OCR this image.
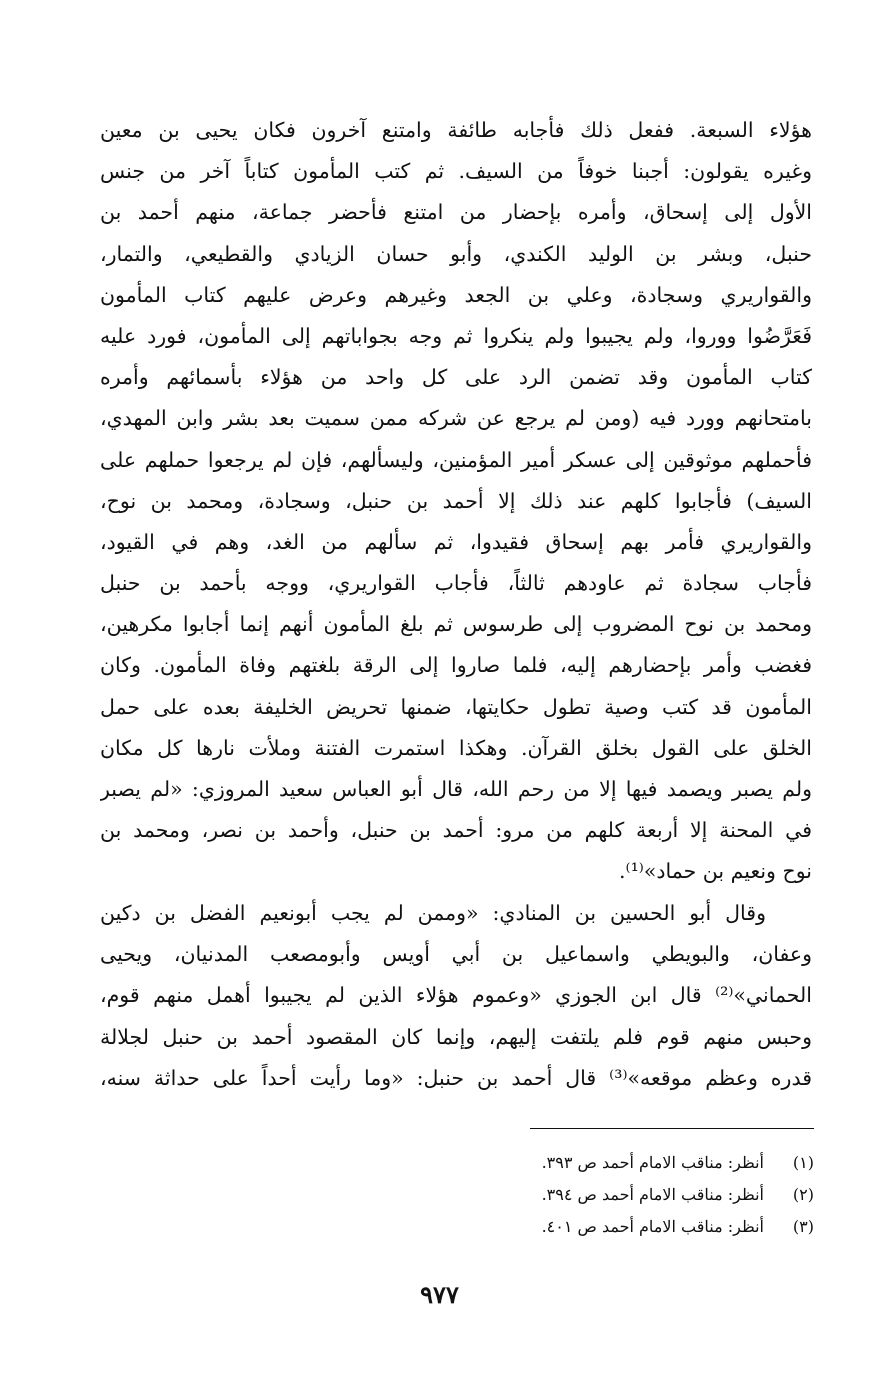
هؤلاء السبعة. ففعل ذلك فأجابه طائفة وامتنع آخرون فكان يحيى بن معين
وغيره يقولون: أجبنا خوفاً من السيف. ثم كتب المأمون كتاباً آخر من جنس
الأول إلى إسحاق، وأمره بإحضار من امتنع فأحضر جماعة، منهم أحمد بن
حنبل، وبشر بن الوليد الكندي، وأبو حسان الزيادي والقطيعي، والتمار،
والقواريري وسجادة، وعلي بن الجعد وغيرهم وعرض عليهم كتاب المأمون
فَعَرَّضُوا ووروا، ولم يجيبوا ولم ينكروا ثم وجه بجواباتهم إلى المأمون، فورد عليه
كتاب المأمون وقد تضمن الرد على كل واحد من هؤلاء بأسمائهم وأمره
بامتحانهم وورد فيه (ومن لم يرجع عن شركه ممن سميت بعد بشر وابن المهدي،
فأحملهم موثوقين إلى عسكر أمير المؤمنين، وليسألهم، فإن لم يرجعوا حملهم على
السيف) فأجابوا كلهم عند ذلك إلا أحمد بن حنبل، وسجادة، ومحمد بن نوح،
والقواريري فأمر بهم إسحاق فقيدوا، ثم سألهم من الغد، وهم في القيود،
فأجاب سجادة ثم عاودهم ثالثاً، فأجاب القواريري، ووجه بأحمد بن حنبل
ومحمد بن نوح المضروب إلى طرسوس ثم بلغ المأمون أنهم إنما أجابوا مكرهين،
فغضب وأمر بإحضارهم إليه، فلما صاروا إلى الرقة بلغتهم وفاة المأمون. وكان
المأمون قد كتب وصية تطول حكايتها، ضمنها تحريض الخليفة بعده على حمل
الخلق على القول بخلق القرآن. وهكذا استمرت الفتنة وملأت نارها كل مكان
ولم يصبر ويصمد فيها إلا من رحم الله، قال أبو العباس سعيد المروزي: «لم يصبر
في المحنة إلا أربعة كلهم من مرو: أحمد بن حنبل، وأحمد بن نصر، ومحمد بن
نوح ونعيم بن حماد»⁽¹⁾.
وقال أبو الحسين بن المنادي: «وممن لم يجب أبونعيم الفضل بن دكين
وعفان، والبويطي واسماعيل بن أبي أويس وأبومصعب المدنيان، ويحيى
الحماني»⁽²⁾ قال ابن الجوزي «وعموم هؤلاء الذين لم يجيبوا أهمل منهم قوم،
وحبس منهم قوم فلم يلتفت إليهم، وإنما كان المقصود أحمد بن حنبل لجلالة
قدره وعظم موقعه»⁽³⁾ قال أحمد بن حنبل: «وما رأيت أحداً على حداثة سنه،
(١)أنظر: مناقب الامام أحمد ص ٣٩٣.
(٢)أنظر: مناقب الامام أحمد ص ٣٩٤.
(٣)أنظر: مناقب الامام أحمد ص ٤٠١.
٩٧٧
